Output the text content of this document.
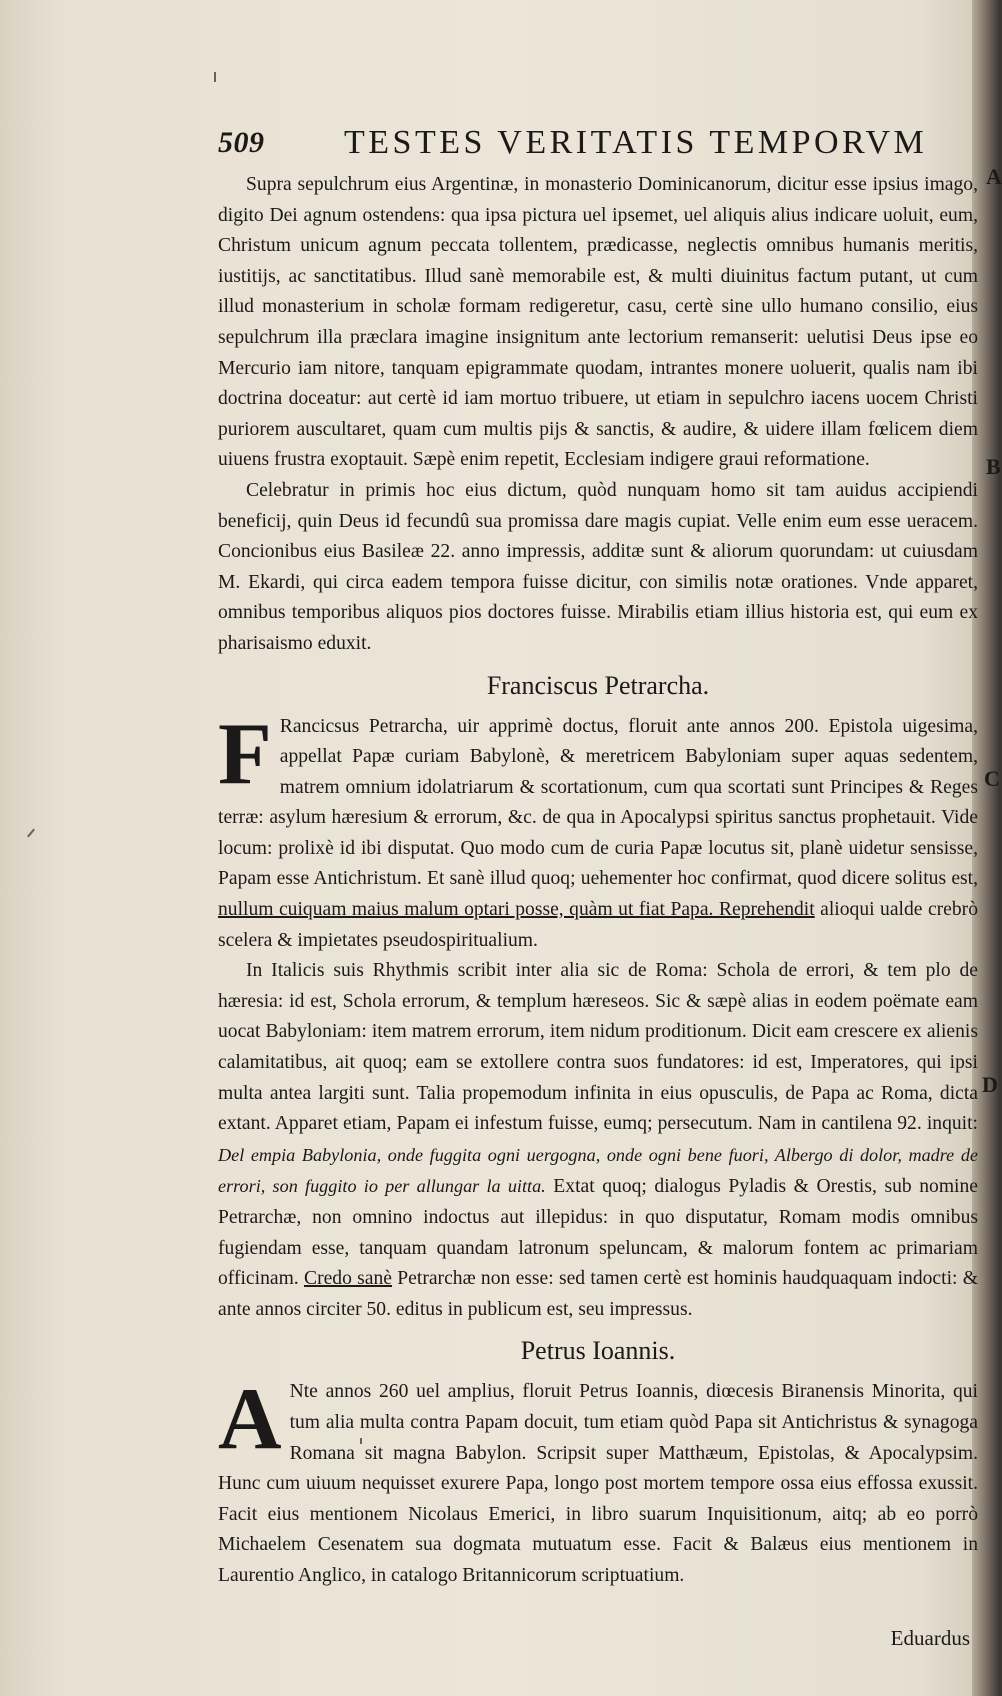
509 TESTES VERITATIS TEMPORVM

Supra sepulchrum eius Argentinæ, in monasterio Dominicanorum, dicitur esse ipsius imago, digito Dei agnum ostendens: qua ipsa pictura uel ipsemet, uel aliquis alius indicare uoluit, eum, Christum unicum agnum peccata tollentem, prædicasse, neglectis omnibus humanis meritis, iustitijs, ac sanctitatibus. Illud sanè memorabile est, & multi diuinitus factum putant, ut cum illud monasterium in scholæ formam redigeretur, casu, certè sine ullo humano consilio, eius sepulchrum illa præclara imagine insignitum ante lectorium remanserit: uelutisi Deus ipse eo Mercurio iam nitore, tanquam epigrammate quodam, intrantes monere uoluerit, qualis nam ibi doctrina doceatur: aut certè id iam mortuo tribuere, ut etiam in sepulchro iacens uocem Christi puriorem auscultaret, quam cum multis pijs & sanctis, & audire, & uidere illam fœlicem diem uiuens frustra exoptauit. Sæpè enim repetit, Ecclesiam indigere graui reformatione.

Celebratur in primis hoc eius dictum, quòd nunquam homo sit tam auidus accipiendi beneficij, quin Deus id fecundû sua promissa dare magis cupiat. Velle enim eum esse ueracem. Concionibus eius Basileæ 22. anno impressis, additæ sunt & aliorum quorundam: ut cuiusdam M. Ekardi, qui circa eadem tempora fuisse dicitur, con similis notæ orationes. Vnde apparet, omnibus temporibus aliquos pios doctores fuisse. Mirabilis etiam illius historia est, qui eum ex pharisaismo eduxit.

Franciscus Petrarcha.

F Rancicsus Petrarcha, uir apprimè doctus, floruit ante annos 200. Epistola uigesima, appellat Papæ curiam Babylonè, & meretricem Babyloniam super aquas sedentem, matrem omnium idolatriarum & scortationum, cum qua scortati sunt Principes & Reges terræ: asylum hæresium & errorum, &c. de qua in Apocalypsi spiritus sanctus prophetauit. Vide locum: prolixè id ibi disputat. Quo modo cum de curia Papæ locutus sit, planè uidetur sensisse, Papam esse Antichristum. Et sanè illud quoq; uehementer hoc confirmat, quod dicere solitus est, nullum cuiquam maius malum optari posse, quàm ut fiat Papa. Reprehendit alioqui ualde crebrò scelera & impietates pseudospiritualium.

In Italicis suis Rhythmis scribit inter alia sic de Roma: Schola de errori, & tem plo de hæresia: id est, Schola errorum, & templum hæreseos. Sic & sæpè alias in eodem poëmate eam uocat Babyloniam: item matrem errorum, item nidum proditionum. Dicit eam crescere ex alienis calamitatibus, ait quoq; eam se extollere contra suos fundatores: id est, Imperatores, qui ipsi multa antea largiti sunt. Talia propemodum infinita in eius opusculis, de Papa ac Roma, dicta extant. Apparet etiam, Papam ei infestum fuisse, eumq; persecutum. Nam in cantilena 92. inquit: Del empia Babylonia, onde fuggita ogni uergogna, onde ogni bene fuori, Albergo di dolor, madre de errori, son fuggito io per allungar la uitta. Extat quoq; dialogus Pyladis & Orestis, sub nomine Petrarchæ, non omnino indoctus aut illepidus: in quo disputatur, Romam modis omnibus fugiendam esse, tanquam quandam latronum speluncam, & malorum fontem ac primariam officinam. Credo sanè Petrarchæ non esse: sed tamen certè est hominis haudquaquam indocti: & ante annos circiter 50. editus in publicum est, seu impressus.

Petrus Ioannis.

A Nte annos 260 uel amplius, floruit Petrus Ioannis, diœcesis Biranensis Minorita, qui tum alia multa contra Papam docuit, tum etiam quòd Papa sit Antichristus & synagoga Romana sit magna Babylon. Scripsit super Matthæum, Epistolas, & Apocalypsim. Hunc cum uiuum nequisset exurere Papa, longo post mortem tempore ossa eius effossa exussit. Facit eius mentionem Nicolaus Emerici, in libro suarum Inquisitionum, aitq; ab eo porrò Michaelem Cesenatem sua dogmata mutuatum esse. Facit & Balæus eius mentionem in Laurentio Anglico, in catalogo Britannicorum scriptuatium.

A
B
C
D
Eduardus
